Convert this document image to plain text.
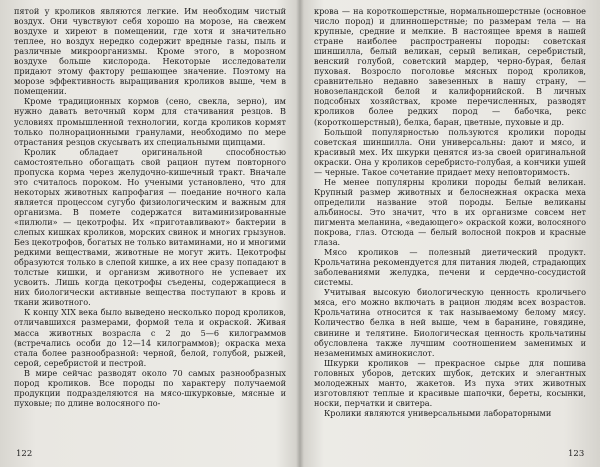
пятой у кроликов являются легкие. Им необходим чистый воздух. Они чувствуют себя хорошо на морозе, на свежем воздухе и хиреют в помещении, где хотя и значительно теплее, но воздух нередко содержит вредные газы, пыль и различные микроорганизмы. Кроме этого, в морозном воздухе больше кислорода. Некоторые исследователи придают этому фактору решающее значение. Поэтому на морозе эффективность выращивания кроликов выше, чем в помещении.

Кроме традиционных кормов (сено, свекла, зерно), им нужно давать веточный корм для стачивания резцов. В условиях промышленной технологии, когда кроликов кормят только полнорационными гранулами, необходимо по мере отрастания резцов скусывать их специальными щипцами.

Кролик обладает оригинальной способностью самостоятельно обогащать свой рацион путем повторного пропуска корма через желудочно-кишечный тракт. Вначале это считалось пороком. Но учеными установлено, что для некоторых животных капрофагия — поедание ночного кала является процессом сугубо физиологическим и важным для организма. В помете содержатся витаминизированные «пилюли» — цекотрофы. Их «приготавливают» бактерии в слепых кишках кроликов, морских свинок и многих грызунов. Без цекотрофов, богатых не только витаминами, но и многими редкими веществами, животные не могут жить. Цекотрофы образуются только в слепой кишке, а их нее сразу попадают в толстые кишки, и организм животного не успевает их усвоить. Лишь когда цекотрофы съедены, содержащиеся в них биологически активные вещества поступают в кровь и ткани животного.

К концу XIX века было выведено несколько пород кроликов, отличавшихся размерами, формой тела и окраской. Живая масса животных возрасла с 2 до 5—6 килограммов (встречались особи до 12—14 килограммов); окраска меха стала более разнообразной: черной, белой, голубой, рыжей, серой, серебристой и пестрой.

В мире сейчас разводят около 70 самых разнообразных пород кроликов. Все породы по характеру получаемой продукции подразделяются на мясо-шкурковые, мясные и пуховые; по длине волосяного по-

122

крова — на короткошерстные, нормальношерстные (основное число пород) и длинношерстные; по размерам тела — на крупные, средние и мелкие. В настоящее время в нашей стране наиболее распространены породы: советская шиншилла, белый великан, серый великан, серебристый, венский голубой, советский мардер, черно-бурая, белая пуховая. Возросло поголовье мясных пород кроликов, сравнительно недавно завезенных в нашу страну, — новозеландской белой и калифорнийской. В личных подсобных хозяйствах, кроме перечисленных, разводят кроликов более редких пород — бабочка, рекс (короткошерстный), белка, баран, цветные, пуховые и др.

Большой популярностью пользуются кролики породы советская шиншилла. Они универсальны: дают и мясо, и красивый мех. Их шкурки ценятся из-за своей оригинальной окраски. Она у кроликов серебристо-голубая, а кончики ушей — черные. Такое сочетание придает меху неповторимость.

Не менее популярны кролики породы белый великан. Крупный размер животных и белоснежная окраска меха определили название этой породы. Белые великаны альбиносы. Это значит, что в их организме совсем нет пигмента меланина, «ведающего» окраской кожи, волосяного покрова, глаз. Отсюда — белый волосной покров и красные глаза.

Мясо кроликов — полезный диетический продукт. Крольчатина рекомендуется для питания людей, страдающих заболеваниями желудка, печени и сердечно-сосудистой системы.

Учитывая высокую биологическую ценность кроличьего мяса, его можно включать в рацион людям всех возрастов. Крольчатина относится к так называемому белому мясу. Количество белка в ней выше, чем в баранине, говядине, свинине и телятине. Биологическая ценность крольчатины обусловлена также лучшим соотношением заменимых и незаменимых аминокислот.

Шкурки кроликов — прекрасное сырье для пошива головных уборов, детских шубок, детских и элегантных молодежных манто, жакетов. Из пуха этих животных изготовляют теплые и красивые шапочки, береты, косынки, носки, перчатки и свитера.

Кролики являются универсальными лабораторными

123
